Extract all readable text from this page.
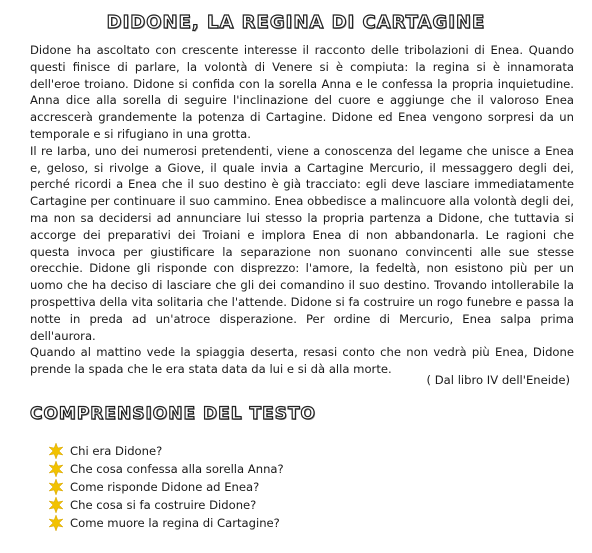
DIDONE, LA REGINA DI CARTAGINE

Didone ha ascoltato con crescente interesse il racconto delle tribolazioni di Enea. Quando questi finisce di parlare, la volontà di Venere si è compiuta: la regina si è innamorata dell'eroe troiano. Didone si confida con la sorella Anna e le confessa la propria inquietudine. Anna dice alla sorella di seguire l'inclinazione del cuore e aggiunge che il valoroso Enea accrescerà grandemente la potenza di Cartagine. Didone ed Enea vengono sorpresi da un temporale e si rifugiano in una grotta.

Il re Iarba, uno dei numerosi pretendenti, viene a conoscenza del legame che unisce a Enea e, geloso, si rivolge a Giove, il quale invia a Cartagine Mercurio, il messaggero degli dei, perché ricordi a Enea che il suo destino è già tracciato: egli deve lasciare immediatamente Cartagine per continuare il suo cammino. Enea obbedisce a malincuore alla volontà degli dei, ma non sa decidersi ad annunciare lui stesso la propria partenza a Didone, che tuttavia si accorge dei preparativi dei Troiani e implora Enea di non abbandonarla. Le ragioni che questa invoca per giustificare la separazione non suonano convincenti alle sue stesse orecchie. Didone gli risponde con disprezzo: l'amore, la fedeltà, non esistono più per un uomo che ha deciso di lasciare che gli dei comandino il suo destino. Trovando intollerabile la prospettiva della vita solitaria che l'attende. Didone si fa costruire un rogo funebre e passa la notte in preda ad un'atroce disperazione. Per ordine di Mercurio, Enea salpa prima dell'aurora.

Quando al mattino vede la spiaggia deserta, resasi conto che non vedrà più Enea, Didone prende la spada che le era stata data da lui e si dà alla morte.

( Dal libro IV dell'Eneide)
COMPRENSIONE DEL TESTO
Chi era Didone?
Che cosa confessa alla sorella Anna?
Come risponde Didone ad Enea?
Che cosa si fa costruire Didone?
Come muore la regina di Cartagine?
